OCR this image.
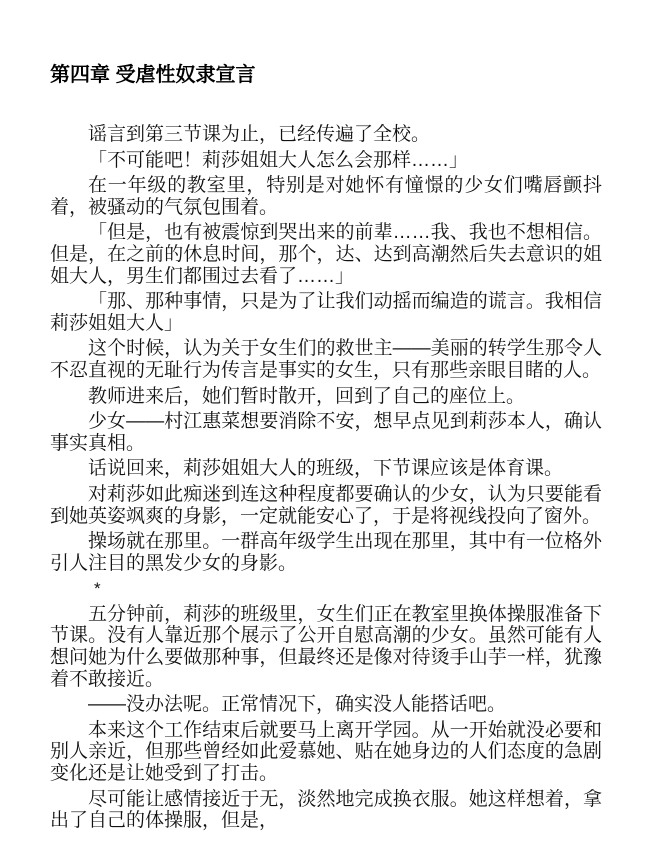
第四章 受虐性奴隶宣言

谣言到第三节课为止，已经传遍了全校。

「不可能吧！莉莎姐姐大人怎么会那样……」

在一年级的教室里，特别是对她怀有憧憬的少女们嘴唇颤抖着，被骚动的气氛包围着。

「但是，也有被震惊到哭出来的前辈……我、我也不想相信。但是，在之前的休息时间，那个，达、达到高潮然后失去意识的姐姐大人，男生们都围过去看了……」

「那、那种事情，只是为了让我们动摇而编造的谎言。我相信莉莎姐姐大人」

这个时候，认为关于女生们的救世主——美丽的转学生那令人不忍直视的无耻行为传言是事实的女生，只有那些亲眼目睹的人。

教师进来后，她们暂时散开，回到了自己的座位上。

少女——村江惠菜想要消除不安，想早点见到莉莎本人，确认事实真相。

话说回来，莉莎姐姐大人的班级，下节课应该是体育课。

对莉莎如此痴迷到连这种程度都要确认的少女，认为只要能看到她英姿飒爽的身影，一定就能安心了，于是将视线投向了窗外。

操场就在那里。一群高年级学生出现在那里，其中有一位格外引人注目的黑发少女的身影。

*

五分钟前，莉莎的班级里，女生们正在教室里换体操服准备下节课。没有人靠近那个展示了公开自慰高潮的少女。虽然可能有人想问她为什么要做那种事，但最终还是像对待烫手山芋一样，犹豫着不敢接近。

——没办法呢。正常情况下，确实没人能搭话吧。

本来这个工作结束后就要马上离开学园。从一开始就没必要和别人亲近，但那些曾经如此爱慕她、贴在她身边的人们态度的急剧变化还是让她受到了打击。

尽可能让感情接近于无，淡然地完成换衣服。她这样想着，拿出了自己的体操服，但是，
